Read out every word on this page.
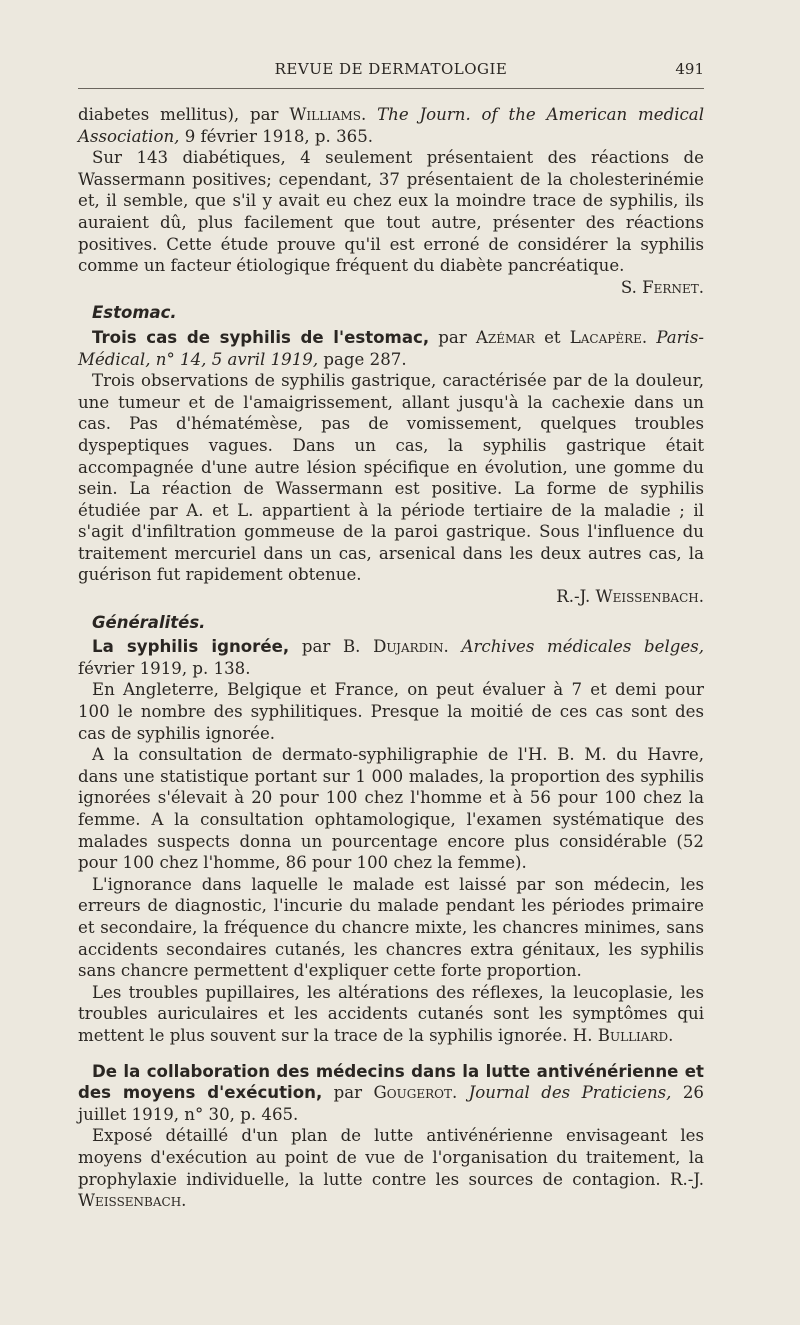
REVUE DE DERMATOLOGIE	491

diabetes mellitus), par Williams. The Journ. of the American medical Association, 9 février 1918, p. 365.

Sur 143 diabétiques, 4 seulement présentaient des réactions de Wassermann positives; cependant, 37 présentaient de la cholesterinémie et, il semble, que s'il y avait eu chez eux la moindre trace de syphilis, ils auraient dû, plus facilement que tout autre, présenter des réactions positives. Cette étude prouve qu'il est erroné de considérer la syphilis comme un facteur étiologique fréquent du diabète pancréatique.

S. Fernet.

Estomac.

Trois cas de syphilis de l'estomac, par Azémar et Lacapère. Paris-Médical, n° 14, 5 avril 1919, page 287.

Trois observations de syphilis gastrique, caractérisée par de la douleur, une tumeur et de l'amaigrissement, allant jusqu'à la cachexie dans un cas. Pas d'hématémèse, pas de vomissement, quelques troubles dyspeptiques vagues. Dans un cas, la syphilis gastrique était accompagnée d'une autre lésion spécifique en évolution, une gomme du sein. La réaction de Wassermann est positive. La forme de syphilis étudiée par A. et L. appartient à la période tertiaire de la maladie ; il s'agit d'infiltration gommeuse de la paroi gastrique. Sous l'influence du traitement mercuriel dans un cas, arsenical dans les deux autres cas, la guérison fut rapidement obtenue.

R.-J. Weissenbach.

Généralités.

La syphilis ignorée, par B. Dujardin. Archives médicales belges, février 1919, p. 138.

En Angleterre, Belgique et France, on peut évaluer à 7 et demi pour 100 le nombre des syphilitiques. Presque la moitié de ces cas sont des cas de syphilis ignorée.

A la consultation de dermato-syphiligraphie de l'H. B. M. du Havre, dans une statistique portant sur 1 000 malades, la proportion des syphilis ignorées s'élevait à 20 pour 100 chez l'homme et à 56 pour 100 chez la femme. A la consultation ophtamologique, l'examen systématique des malades suspects donna un pourcentage encore plus considérable (52 pour 100 chez l'homme, 86 pour 100 chez la femme).

L'ignorance dans laquelle le malade est laissé par son médecin, les erreurs de diagnostic, l'incurie du malade pendant les périodes primaire et secondaire, la fréquence du chancre mixte, les chancres minimes, sans accidents secondaires cutanés, les chancres extra génitaux, les syphilis sans chancre permettent d'expliquer cette forte proportion.

Les troubles pupillaires, les altérations des réflexes, la leucoplasie, les troubles auriculaires et les accidents cutanés sont les symptômes qui mettent le plus souvent sur la trace de la syphilis ignorée. H. Bulliard.

De la collaboration des médecins dans la lutte antivénérienne et des moyens d'exécution, par Gougerot. Journal des Praticiens, 26 juillet 1919, n° 30, p. 465.

Exposé détaillé d'un plan de lutte antivénérienne envisageant les moyens d'exécution au point de vue de l'organisation du traitement, la prophylaxie individuelle, la lutte contre les sources de contagion. R.-J. Weissenbach.
